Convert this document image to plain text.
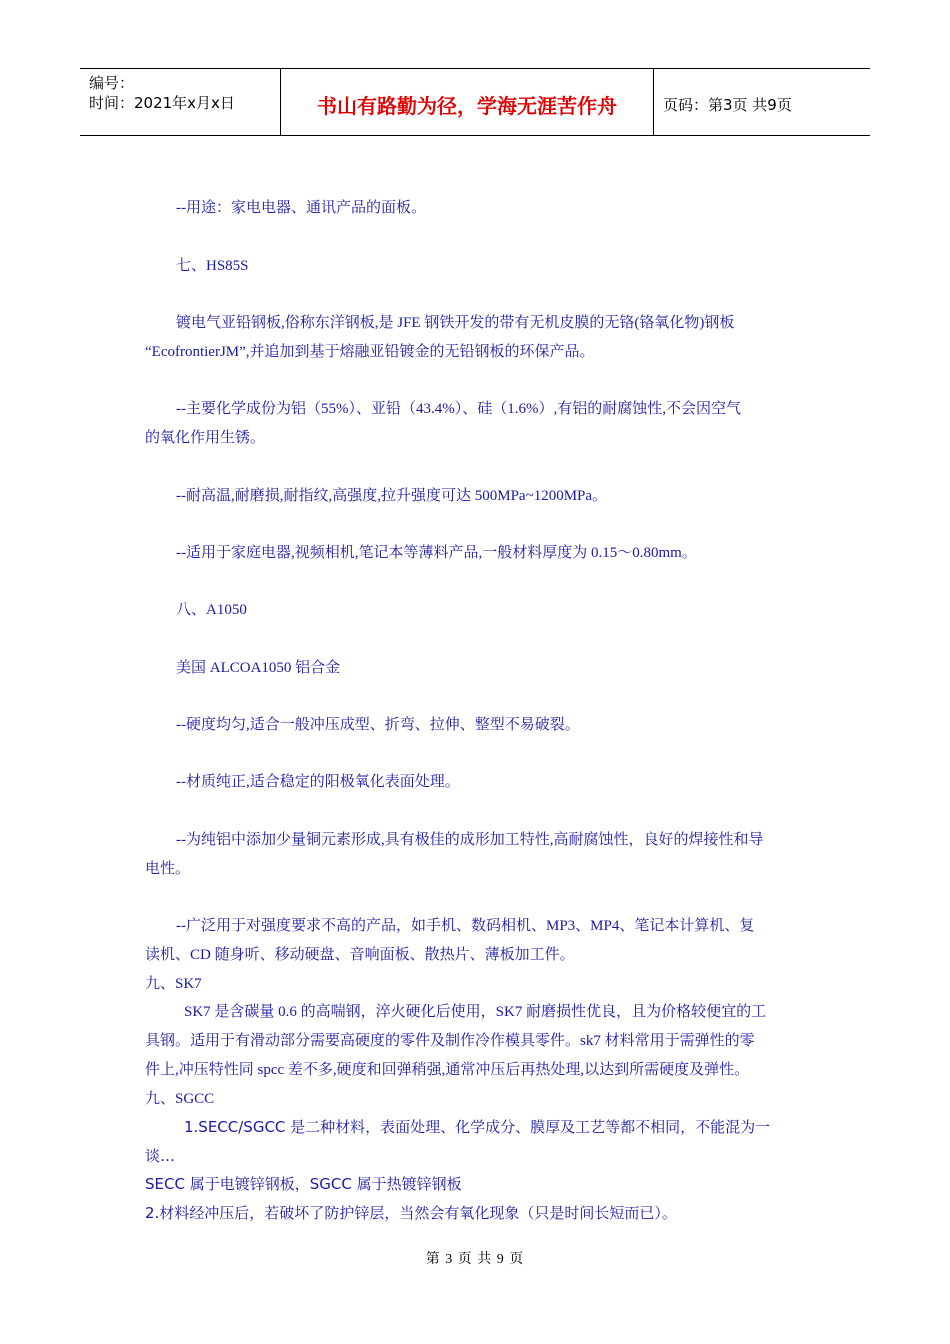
编号：
时间：2021年x月x日	书山有路勤为径，学海无涯苦作舟	页码：第3页 共9页
--用途：家电电器、通讯产品的面板。
七、HS85S
镀电气亚铅钢板,俗称东洋钢板,是 JFE 钢铁开发的带有无机皮膜的无铬(铬氧化物)钢板
“EcofrontierJM”,并追加到基于熔融亚铅镀金的无铅钢板的环保产品。
--主要化学成份为铝（55%）、亚铅（43.4%）、硅（1.6%）,有铝的耐腐蚀性,不会因空气
的氧化作用生锈。
--耐高温,耐磨损,耐指纹,高强度,拉升强度可达 500MPa~1200MPa。
--适用于家庭电器,视频相机,笔记本等薄料产品,一般材料厚度为 0.15～0.80mm。
八、A1050
美国 ALCOA1050 铝合金
--硬度均匀,适合一般冲压成型、折弯、拉伸、整型不易破裂。
--材质纯正,适合稳定的阳极氧化表面处理。
--为纯铝中添加少量铜元素形成,具有极佳的成形加工特性,高耐腐蚀性，良好的焊接性和导
电性。
--广泛用于对强度要求不高的产品，如手机、数码相机、MP3、MP4、笔记本计算机、复
读机、CD 随身听、移动硬盘、音响面板、散热片、薄板加工件。
九、SK7
SK7 是含碳量 0.6 的高喘钢，淬火硬化后使用，SK7 耐磨损性优良，且为价格较便宜的工
具钢。适用于有滑动部分需要高硬度的零件及制作冷作模具零件。sk7 材料常用于需弹性的零
件上,冲压特性同 spcc 差不多,硬度和回弹稍强,通常冲压后再热处理,以达到所需硬度及弹性。
九、SGCC
1.SECC/SGCC 是二种材料，表面处理、化学成分、膜厚及工艺等都不相同，不能混为一
谈…
SECC 属于电镀锌钢板，SGCC 属于热镀锌钢板
2.材料经冲压后，若破坏了防护锌层，当然会有氧化现象（只是时间长短而已）。
第 3 页 共 9 页
